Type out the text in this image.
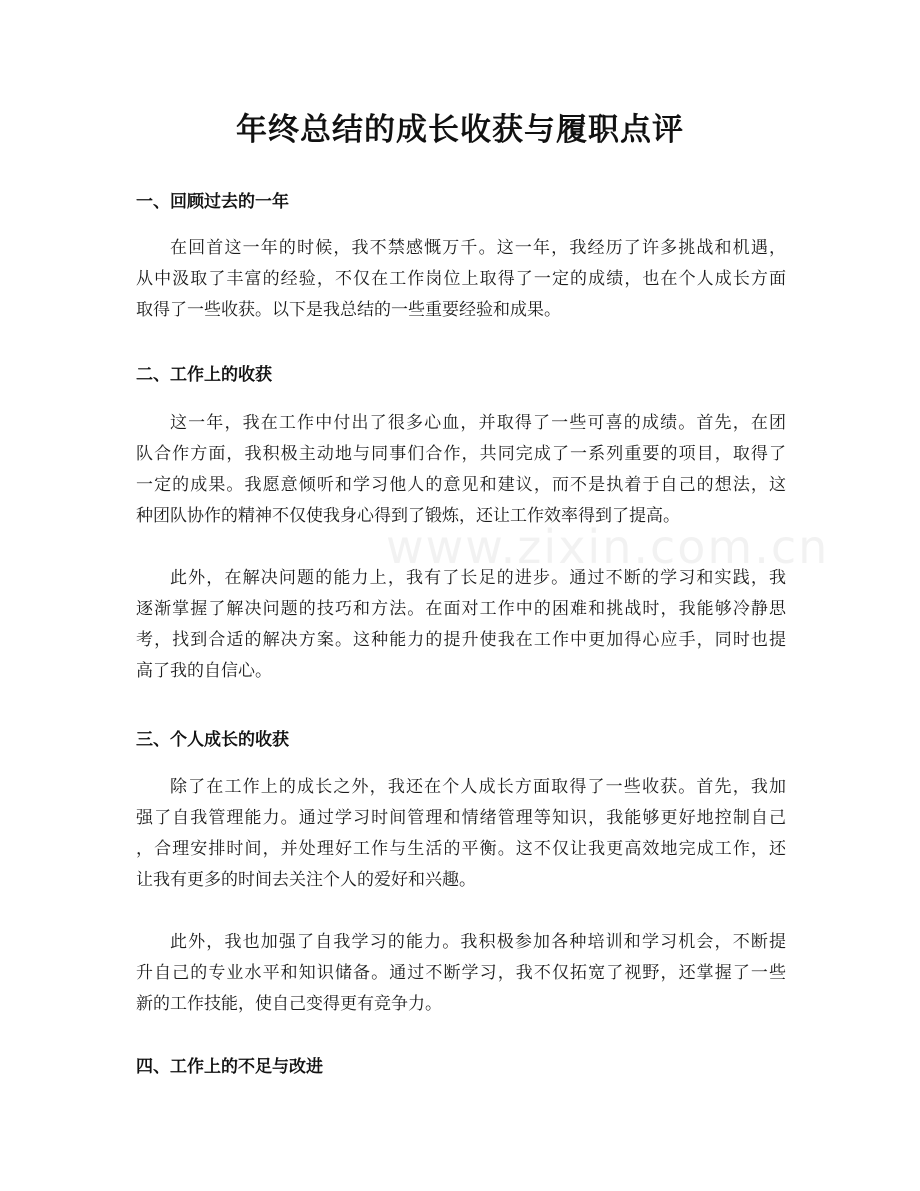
www.zixin.com.cn
年终总结的成长收获与履职点评
一、回顾过去的一年
在回首这一年的时候，我不禁感慨万千。这一年，我经历了许多挑战和机遇，
从中汲取了丰富的经验，不仅在工作岗位上取得了一定的成绩，也在个人成长方面
取得了一些收获。以下是我总结的一些重要经验和成果。
二、工作上的收获
这一年，我在工作中付出了很多心血，并取得了一些可喜的成绩。首先，在团
队合作方面，我积极主动地与同事们合作，共同完成了一系列重要的项目，取得了
一定的成果。我愿意倾听和学习他人的意见和建议，而不是执着于自己的想法，这
种团队协作的精神不仅使我身心得到了锻炼，还让工作效率得到了提高。
此外，在解决问题的能力上，我有了长足的进步。通过不断的学习和实践，我
逐渐掌握了解决问题的技巧和方法。在面对工作中的困难和挑战时，我能够冷静思
考，找到合适的解决方案。这种能力的提升使我在工作中更加得心应手，同时也提
高了我的自信心。
三、个人成长的收获
除了在工作上的成长之外，我还在个人成长方面取得了一些收获。首先，我加
强了自我管理能力。通过学习时间管理和情绪管理等知识，我能够更好地控制自己
，合理安排时间，并处理好工作与生活的平衡。这不仅让我更高效地完成工作，还
让我有更多的时间去关注个人的爱好和兴趣。
此外，我也加强了自我学习的能力。我积极参加各种培训和学习机会，不断提
升自己的专业水平和知识储备。通过不断学习，我不仅拓宽了视野，还掌握了一些
新的工作技能，使自己变得更有竞争力。
四、工作上的不足与改进
